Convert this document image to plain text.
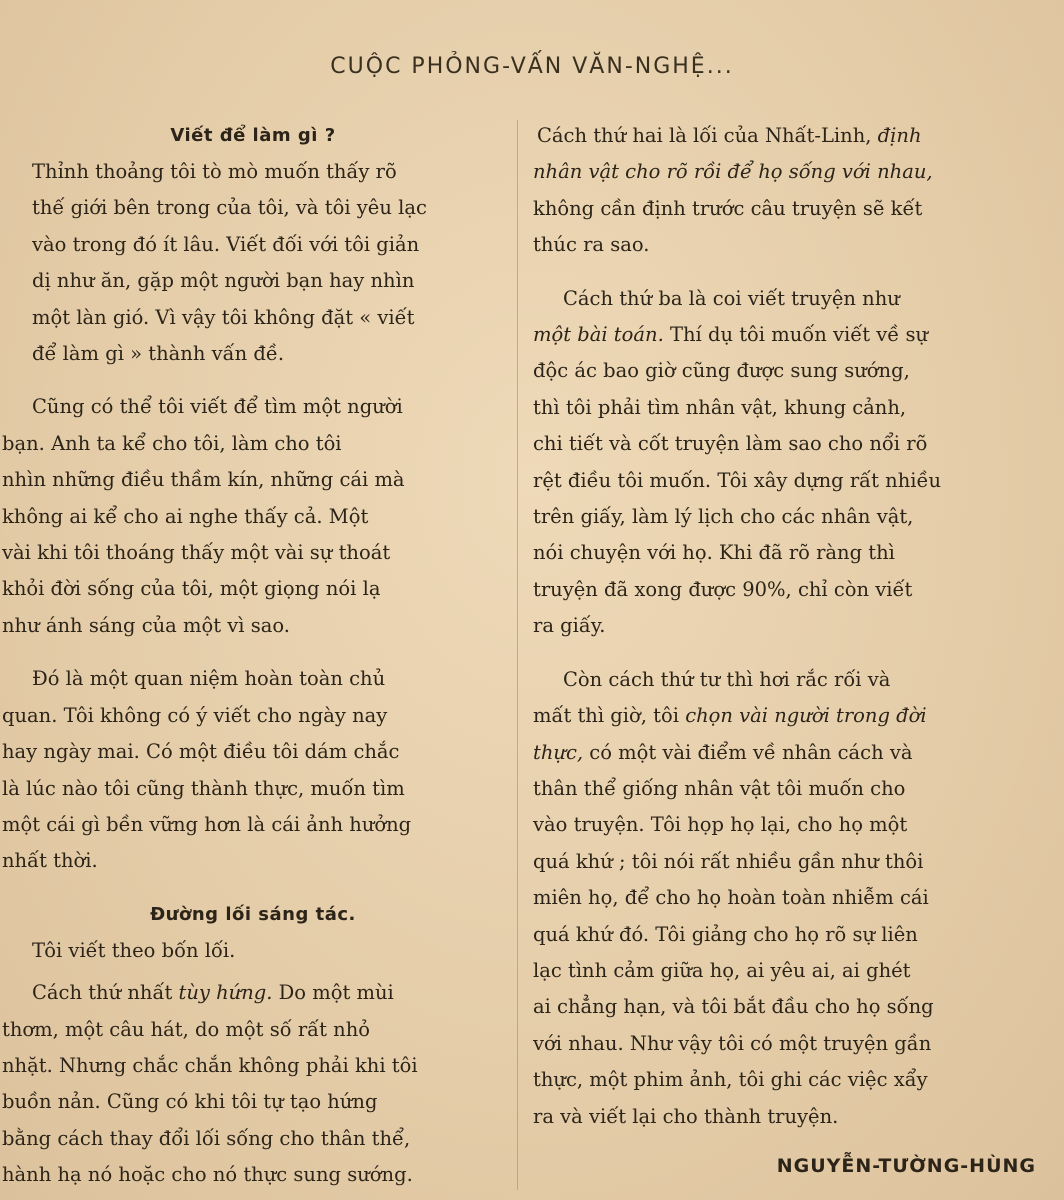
CUỘC PHỎNG-VẤN VĂN-NGHỆ...
Viết để làm gì ?

Thỉnh thoảng tôi tò mò muốn thấy rõ
thế giới bên trong của tôi, và tôi yêu lạc
vào trong đó ít lâu. Viết đối với tôi giản
dị như ăn, gặp một người bạn hay nhìn
một làn gió. Vì vậy tôi không đặt « viết
để làm gì » thành vấn đề.

Cũng có thể tôi viết để tìm một người
bạn. Anh ta kể cho tôi, làm cho tôi
nhìn những điều thầm kín, những cái mà
không ai kể cho ai nghe thấy cả. Một
vài khi tôi thoáng thấy một vài sự thoát
khỏi đời sống của tôi, một giọng nói lạ
như ánh sáng của một vì sao.

Đó là một quan niệm hoàn toàn chủ
quan. Tôi không có ý viết cho ngày nay
hay ngày mai. Có một điều tôi dám chắc
là lúc nào tôi cũng thành thực, muốn tìm
một cái gì bền vững hơn là cái ảnh hưởng
nhất thời.

Đường lối sáng tác.

Tôi viết theo bốn lối.

Cách thứ nhất tùy hứng. Do một mùi
thơm, một câu hát, do một số rất nhỏ
nhặt. Nhưng chắc chắn không phải khi tôi
buồn nản. Cũng có khi tôi tự tạo hứng
bằng cách thay đổi lối sống cho thân thể,
hành hạ nó hoặc cho nó thực sung sướng.

Cách thứ hai là lối của Nhất-Linh, định
nhân vật cho rõ rồi để họ sống với nhau,
không cần định trước câu truyện sẽ kết
thúc ra sao.

Cách thứ ba là coi viết truyện như
một bài toán. Thí dụ tôi muốn viết về sự
độc ác bao giờ cũng được sung sướng,
thì tôi phải tìm nhân vật, khung cảnh,
chi tiết và cốt truyện làm sao cho nổi rõ
rệt điều tôi muốn. Tôi xây dựng rất nhiều
trên giấy, làm lý lịch cho các nhân vật,
nói chuyện với họ. Khi đã rõ ràng thì
truyện đã xong được 90%, chỉ còn viết
ra giấy.

Còn cách thứ tư thì hơi rắc rối và
mất thì giờ, tôi chọn vài người trong đời
thực, có một vài điểm về nhân cách và
thân thể giống nhân vật tôi muốn cho
vào truyện. Tôi họp họ lại, cho họ một
quá khứ ; tôi nói rất nhiều gần như thôi
miên họ, để cho họ hoàn toàn nhiễm cái
quá khứ đó. Tôi giảng cho họ rõ sự liên
lạc tình cảm giữa họ, ai yêu ai, ai ghét
ai chẳng hạn, và tôi bắt đầu cho họ sống
với nhau. Như vậy tôi có một truyện gần
thực, một phim ảnh, tôi ghi các việc xẩy
ra và viết lại cho thành truyện.

NGUYỄN-TƯỜNG-HÙNG
